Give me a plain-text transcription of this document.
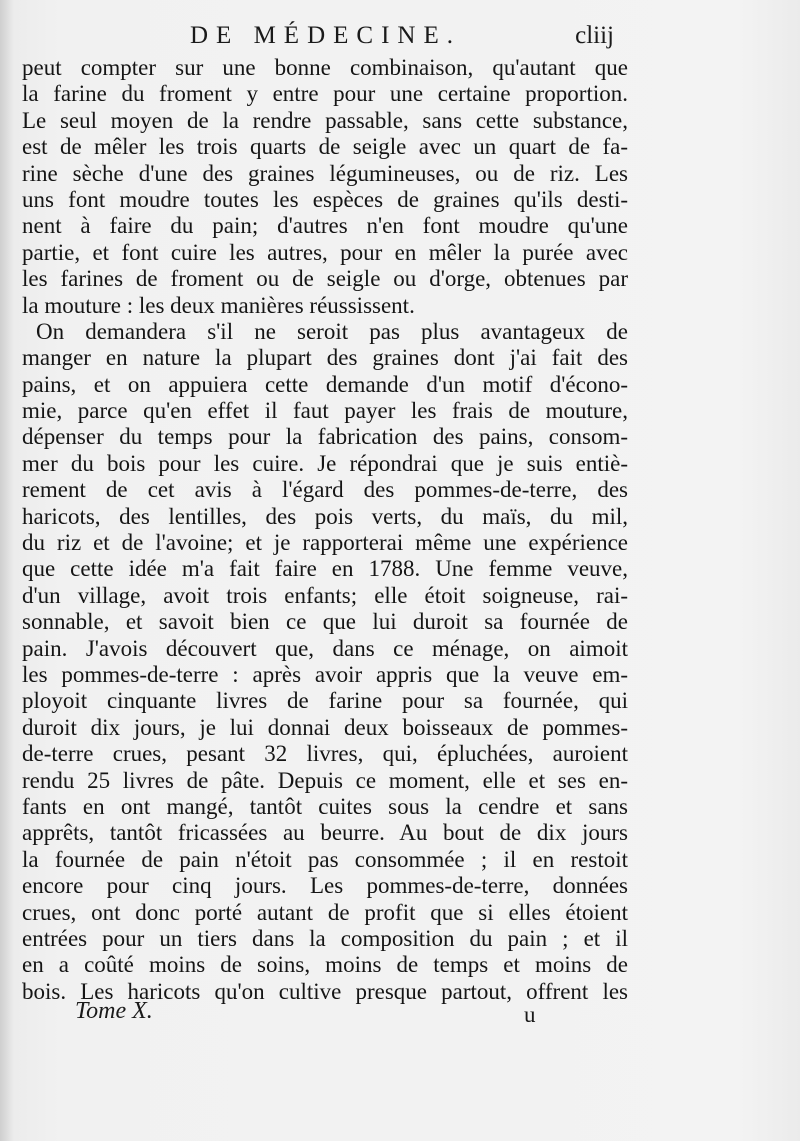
DE MÉDECINE.	cliij
peut compter sur une bonne combinaison, qu'autant que
la farine du froment y entre pour une certaine proportion.
Le seul moyen de la rendre passable, sans cette substance,
est de mêler les trois quarts de seigle avec un quart de fa-
rine sèche d'une des graines légumineuses, ou de riz. Les
uns font moudre toutes les espèces de graines qu'ils desti-
nent à faire du pain; d'autres n'en font moudre qu'une
partie, et font cuire les autres, pour en mêler la purée avec
les farines de froment ou de seigle ou d'orge, obtenues par
la mouture : les deux manières réussissent.
On demandera s'il ne seroit pas plus avantageux de
manger en nature la plupart des graines dont j'ai fait des
pains, et on appuiera cette demande d'un motif d'écono-
mie, parce qu'en effet il faut payer les frais de mouture,
dépenser du temps pour la fabrication des pains, consom-
mer du bois pour les cuire. Je répondrai que je suis entiè-
rement de cet avis à l'égard des pommes-de-terre, des
haricots, des lentilles, des pois verts, du maïs, du mil,
du riz et de l'avoine; et je rapporterai même une expérience
que cette idée m'a fait faire en 1788. Une femme veuve,
d'un village, avoit trois enfants; elle étoit soigneuse, rai-
sonnable, et savoit bien ce que lui duroit sa fournée de
pain. J'avois découvert que, dans ce ménage, on aimoit
les pommes-de-terre : après avoir appris que la veuve em-
ployoit cinquante livres de farine pour sa fournée, qui
duroit dix jours, je lui donnai deux boisseaux de pommes-
de-terre crues, pesant 32 livres, qui, épluchées, auroient
rendu 25 livres de pâte. Depuis ce moment, elle et ses en-
fants en ont mangé, tantôt cuites sous la cendre et sans
apprêts, tantôt fricassées au beurre. Au bout de dix jours
la fournée de pain n'étoit pas consommée ; il en restoit
encore pour cinq jours. Les pommes-de-terre, données
crues, ont donc porté autant de profit que si elles étoient
entrées pour un tiers dans la composition du pain ; et il
en a coûté moins de soins, moins de temps et moins de
bois. Les haricots qu'on cultive presque partout, offrent les
Tome X.	u
